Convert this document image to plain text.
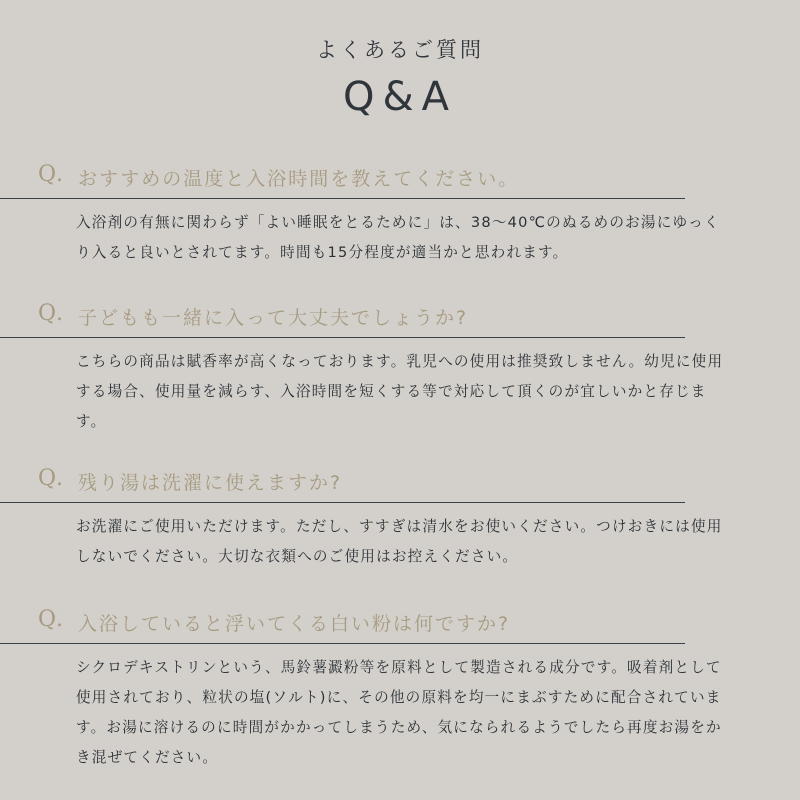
よくあるご質問
Q&A
Q. おすすめの温度と入浴時間を教えてください。
入浴剤の有無に関わらず「よい睡眠をとるために」は、38〜40℃のぬるめのお湯にゆっくり入ると良いとされてます。時間も15分程度が適当かと思われます。
Q. 子どもも一緒に入って大丈夫でしょうか?
こちらの商品は賦香率が高くなっております。乳児への使用は推奨致しません。幼児に使用する場合、使用量を減らす、入浴時間を短くする等で対応して頂くのが宜しいかと存じます。
Q. 残り湯は洗濯に使えますか?
お洗濯にご使用いただけます。ただし、すすぎは清水をお使いください。つけおきには使用しないでください。大切な衣類へのご使用はお控えください。
Q. 入浴していると浮いてくる白い粉は何ですか?
シクロデキストリンという、馬鈴薯澱粉等を原料として製造される成分です。吸着剤として使用されており、粒状の塩(ソルト)に、その他の原料を均一にまぶすために配合されています。お湯に溶けるのに時間がかかってしまうため、気になられるようでしたら再度お湯をかき混ぜてください。
